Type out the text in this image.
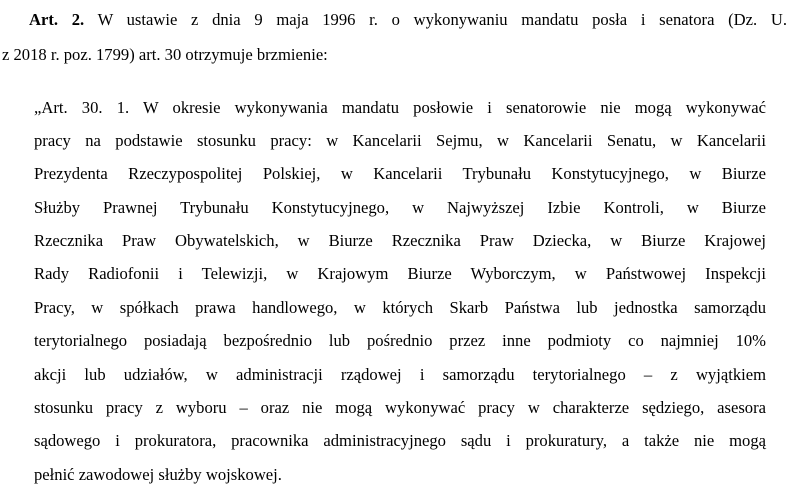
Art. 2. W ustawie z dnia 9 maja 1996 r. o wykonywaniu mandatu posła i senatora (Dz. U.
z 2018 r. poz. 1799) art. 30 otrzymuje brzmienie:
„Art. 30. 1. W okresie wykonywania mandatu posłowie i senatorowie nie mogą wykonywać
pracy na podstawie stosunku pracy: w Kancelarii Sejmu, w Kancelarii Senatu, w Kancelarii
Prezydenta Rzeczypospolitej Polskiej, w Kancelarii Trybunału Konstytucyjnego, w Biurze
Służby Prawnej Trybunału Konstytucyjnego, w Najwyższej Izbie Kontroli, w Biurze
Rzecznika Praw Obywatelskich, w Biurze Rzecznika Praw Dziecka, w Biurze Krajowej
Rady Radiofonii i Telewizji, w Krajowym Biurze Wyborczym, w Państwowej Inspekcji
Pracy, w spółkach prawa handlowego, w których Skarb Państwa lub jednostka samorządu
terytorialnego posiadają bezpośrednio lub pośrednio przez inne podmioty co najmniej 10%
akcji lub udziałów, w administracji rządowej i samorządu terytorialnego – z wyjątkiem
stosunku pracy z wyboru – oraz nie mogą wykonywać pracy w charakterze sędziego, asesora
sądowego i prokuratora, pracownika administracyjnego sądu i prokuratury, a także nie mogą
pełnić zawodowej służby wojskowej.
